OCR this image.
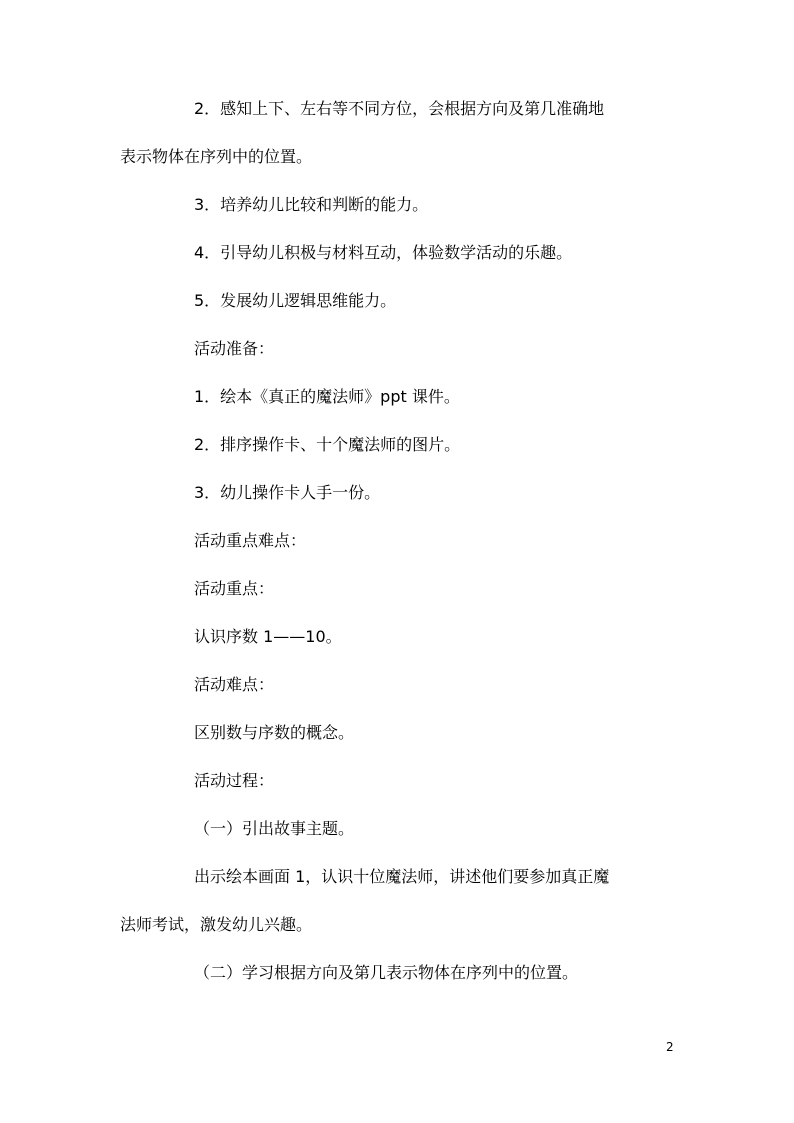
2．感知上下、左右等不同方位，会根据方向及第几准确地

表示物体在序列中的位置。

3．培养幼儿比较和判断的能力。

4．引导幼儿积极与材料互动，体验数学活动的乐趣。

5．发展幼儿逻辑思维能力。

活动准备：

1．绘本《真正的魔法师》ppt 课件。

2．排序操作卡、十个魔法师的图片。

3．幼儿操作卡人手一份。

活动重点难点：

活动重点：

认识序数 1——10。

活动难点：

区别数与序数的概念。

活动过程：

（一）引出故事主题。

出示绘本画面 1，认识十位魔法师，讲述他们要参加真正魔

法师考试，激发幼儿兴趣。

（二）学习根据方向及第几表示物体在序列中的位置。

2
